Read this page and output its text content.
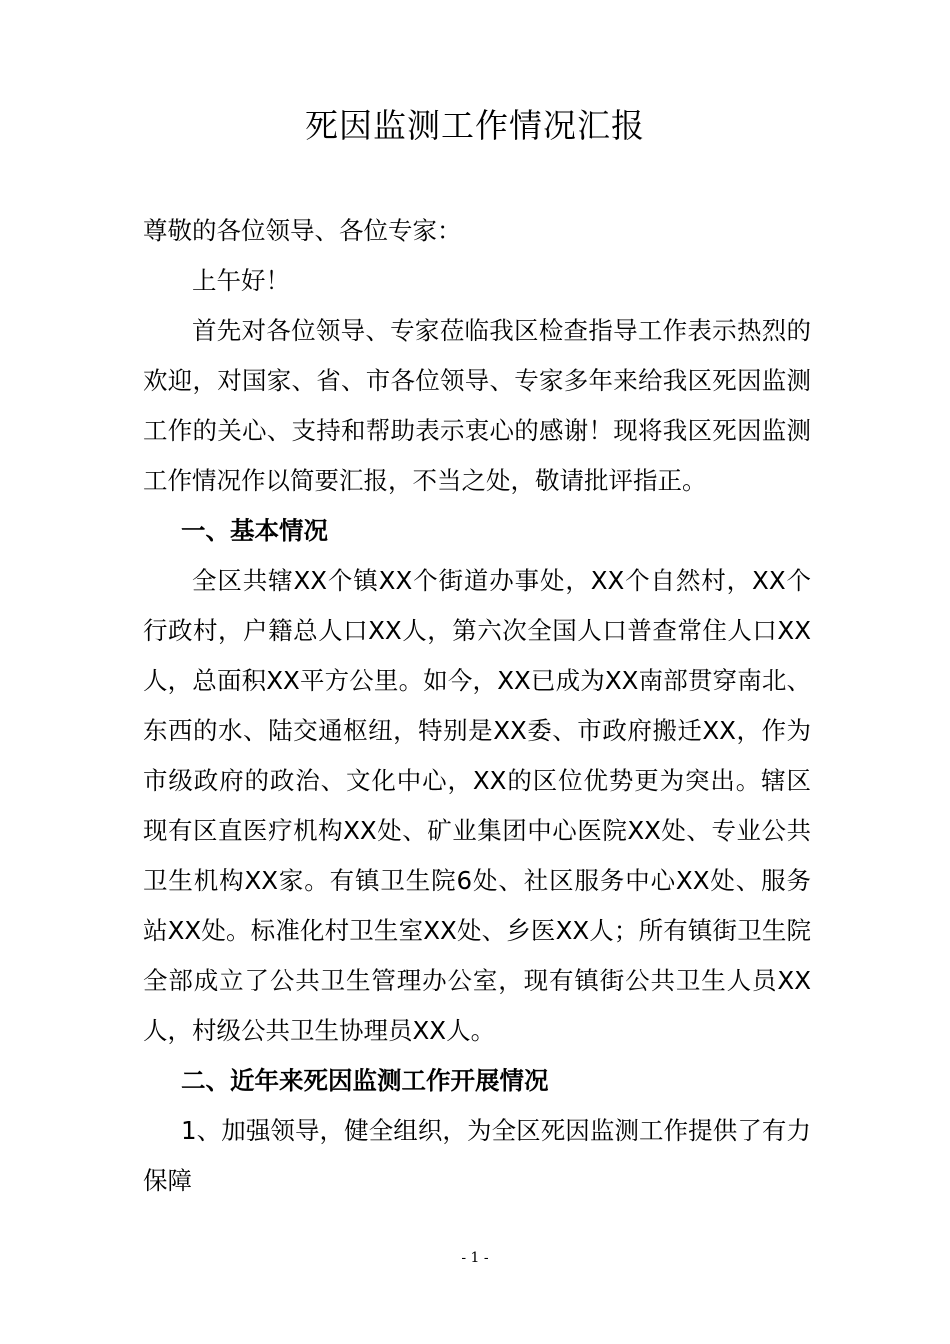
死因监测工作情况汇报

尊敬的各位领导、各位专家：

上午好！

首先对各位领导、专家莅临我区检查指导工作表示热烈的欢迎，对国家、省、市各位领导、专家多年来给我区死因监测工作的关心、支持和帮助表示衷心的感谢！现将我区死因监测工作情况作以简要汇报，不当之处，敬请批评指正。

一、基本情况

全区共辖XX个镇XX个街道办事处，XX个自然村，XX个行政村，户籍总人口XX人，第六次全国人口普查常住人口XX人，总面积XX平方公里。如今，XX已成为XX南部贯穿南北、东西的水、陆交通枢纽，特别是XX委、市政府搬迁XX，作为市级政府的政治、文化中心，XX的区位优势更为突出。辖区现有区直医疗机构XX处、矿业集团中心医院XX处、专业公共卫生机构XX家。有镇卫生院6处、社区服务中心XX处、服务站XX处。标准化村卫生室XX处、乡医XX人；所有镇街卫生院全部成立了公共卫生管理办公室，现有镇街公共卫生人员XX人，村级公共卫生协理员XX人。

二、近年来死因监测工作开展情况

1、加强领导，健全组织，为全区死因监测工作提供了有力保障

- 1 -
